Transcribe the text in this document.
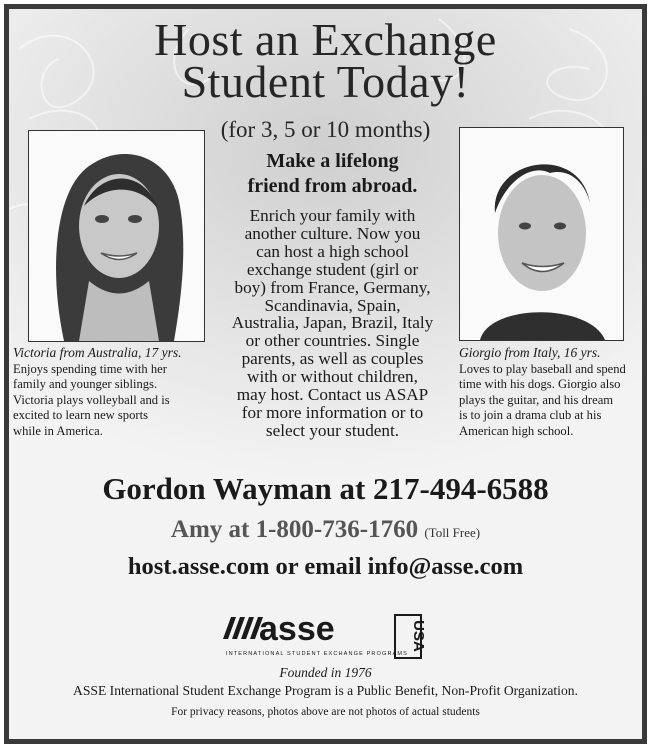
Host an Exchange
Student Today!
(for 3, 5 or 10 months)
Victoria from Australia, 17 yrs.
Enjoys spending time with her
family and younger siblings.
Victoria plays volleyball and is
excited to learn new sports
while in America.
Giorgio from Italy, 16 yrs.
Loves to play baseball and spend
time with his dogs. Giorgio also
plays the guitar, and his dream
is to join a drama club at his
American high school.
Make a lifelong
friend from abroad.
Enrich your family with
another culture. Now you
can host a high school
exchange student (girl or
boy) from France, Germany,
Scandinavia, Spain,
Australia, Japan, Brazil, Italy
or other countries. Single
parents, as well as couples
with or without children,
may host. Contact us ASAP
for more information or to
select your student.
Gordon Wayman at 217-494-6588
Amy at 1-800-736-1760 (Toll Free)
host.asse.com or email info@asse.com
asse	USA
INTERNATIONAL STUDENT EXCHANGE PROGRAMS
Founded in 1976
ASSE International Student Exchange Program is a Public Benefit, Non-Profit Organization.
For privacy reasons, photos above are not photos of actual students
